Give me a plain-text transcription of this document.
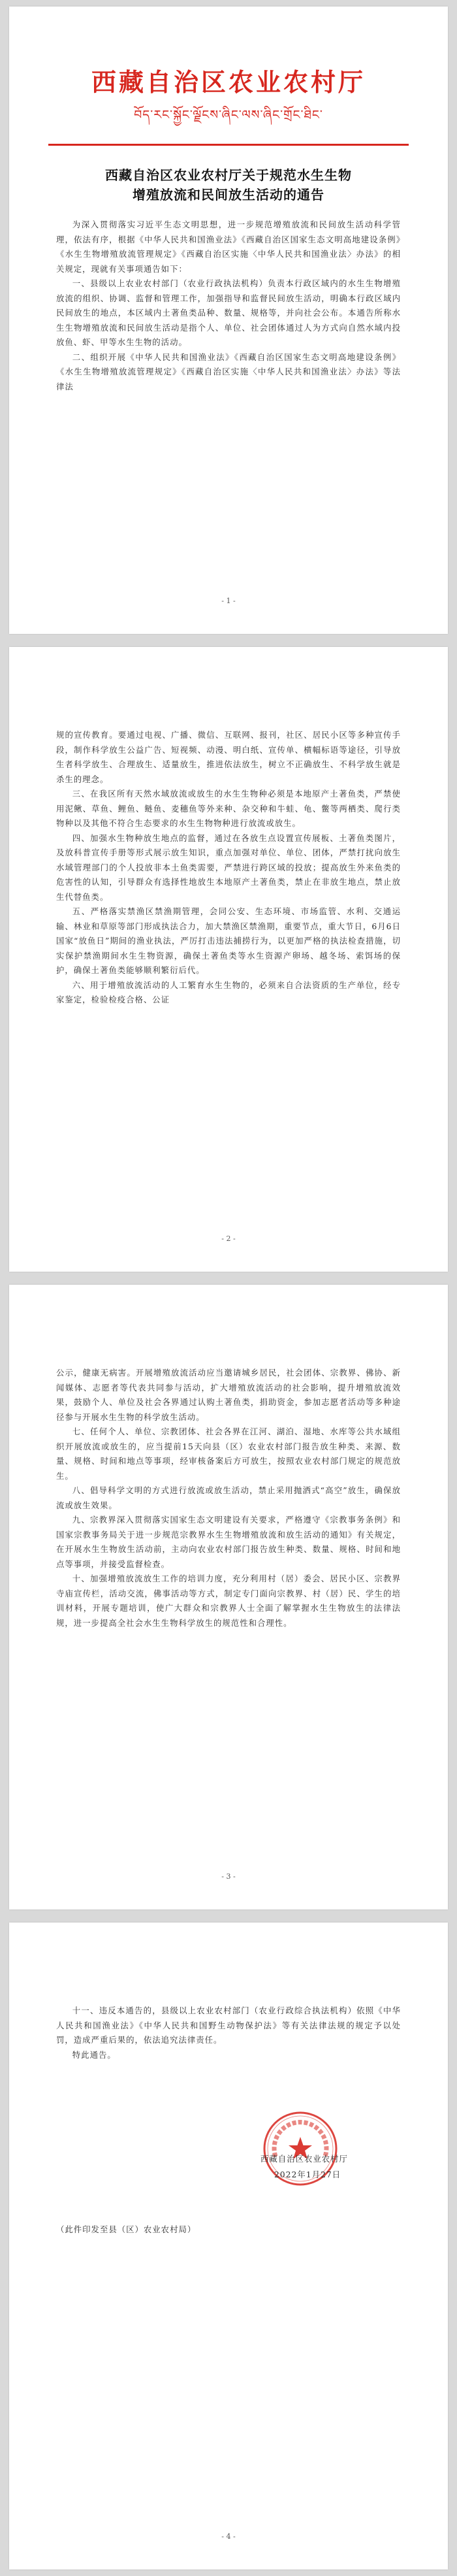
西藏自治区农业农村厅
བོད་རང་སྐྱོང་ལྗོངས་ཞིང་ལས་ཞིང་གྲོང་ཐིང་
西藏自治区农业农村厅关于规范水生生物
增殖放流和民间放生活动的通告

为深入贯彻落实习近平生态文明思想，进一步规范增殖放流和民间放生活动科学管理，依法有序，根据《中华人民共和国渔业法》《西藏自治区国家生态文明高地建设条例》《水生生物增殖放流管理规定》《西藏自治区实施〈中华人民共和国渔业法〉办法》的相关规定，现就有关事项通告如下：

一、县级以上农业农村部门（农业行政执法机构）负责本行政区域内的水生生物增殖放流的组织、协调、监督和管理工作，加强指导和监督民间放生活动，明确本行政区域内民间放生的地点，本区域内土著鱼类品种、数量、规格等，并向社会公布。本通告所称水生生物增殖放流和民间放生活动是指个人、单位、社会团体通过人为方式向自然水域内投放鱼、虾、甲等水生生物的活动。

二、组织开展《中华人民共和国渔业法》《西藏自治区国家生态文明高地建设条例》《水生生物增殖放流管理规定》《西藏自治区实施〈中华人民共和国渔业法〉办法》等法律法

- 1 -

规的宣传教育。要通过电视、广播、微信、互联网、报刊，社区、居民小区等多种宣传手段，制作科学放生公益广告、短视频、动漫、明白纸、宣传单、横幅标语等途径，引导放生者科学放生、合理放生、适量放生，推进依法放生，树立不正确放生、不科学放生就是杀生的理念。

三、在我区所有天然水域放流或放生的水生生物种必须是本地原产土著鱼类，严禁使用泥鳅、草鱼、鲤鱼、鲢鱼、麦穗鱼等外来种、杂交种和牛蛙、龟、鳖等两栖类、爬行类物种以及其他不符合生态要求的水生生物物种进行放流或放生。

四、加强水生物种放生地点的监督，通过在各放生点设置宣传展板、土著鱼类图片，及放科普宣传手册等形式展示放生知识，重点加强对单位、单位、团体，严禁打扰向放生水域管理部门的个人投放非本土鱼类需要，严禁进行跨区域的投放；提高放生外来鱼类的危害性的认知，引导群众有选择性地放生本地原产土著鱼类，禁止在非放生地点，禁止放生代替鱼类。

五、严格落实禁渔区禁渔期管理，会同公安、生态环境、市场监管、水利、交通运输、林业和草原等部门形成执法合力，加大禁渔区禁渔期，重要节点，重大节日，6月6日国家“放鱼日”期间的渔业执法，严厉打击违法捕捞行为，以更加严格的执法检查措施，切实保护禁渔期间水生生物资源，确保土著鱼类等水生资源产卵场、越冬场、索饵场的保护，确保土著鱼类能够顺利繁衍后代。

六、用于增殖放流活动的人工繁育水生生物的，必须来自合法资质的生产单位，经专家鉴定，检验检疫合格、公证

- 2 -

公示，健康无病害。开展增殖放流活动应当邀请城乡居民，社会团体、宗教界、佛协、新闻媒体、志愿者等代表共同参与活动，扩大增殖放流活动的社会影响，提升增殖放流效果，鼓励个人、单位及社会各界通过认购土著鱼类，捐助资金，参加志愿者活动等多种途径参与开展水生生物的科学放生活动。

七、任何个人、单位、宗教团体、社会各界在江河、湖泊、湿地、水库等公共水域组织开展放流或放生的，应当提前15天向县（区）农业农村部门报告放生种类、来源、数量、规格、时间和地点等事项，经审核备案后方可放生，按照农业农村部门规定的规范放生。

八、倡导科学文明的方式进行放流或放生活动，禁止采用抛洒式“高空”放生，确保放流或放生效果。

九、宗教界深入贯彻落实国家生态文明建设有关要求，严格遵守《宗教事务条例》和国家宗教事务局关于进一步规范宗教界水生生物增殖放流和放生活动的通知》有关规定，在开展水生生物放生活动前，主动向农业农村部门报告放生种类、数量、规格、时间和地点等事项，并接受监督检查。

十、加强增殖放流放生工作的培训力度，充分利用村（居）委会、居民小区、宗教界寺庙宣传栏，活动交流，佛事活动等方式，制定专门面向宗教界、村（居）民、学生的培训材料，开展专题培训，使广大群众和宗教界人士全面了解掌握水生生物放生的法律法规，进一步提高全社会水生生物科学放生的规范性和合理性。

- 3 -

十一、违反本通告的，县级以上农业农村部门（农业行政综合执法机构）依照《中华人民共和国渔业法》《中华人民共和国野生动物保护法》等有关法律法规的规定予以处罚，造成严重后果的，依法追究法律责任。

特此通告。

西藏自治区农业农村厅
2022年1月27日
（此件印发至县（区）农业农村局）
- 4 -
